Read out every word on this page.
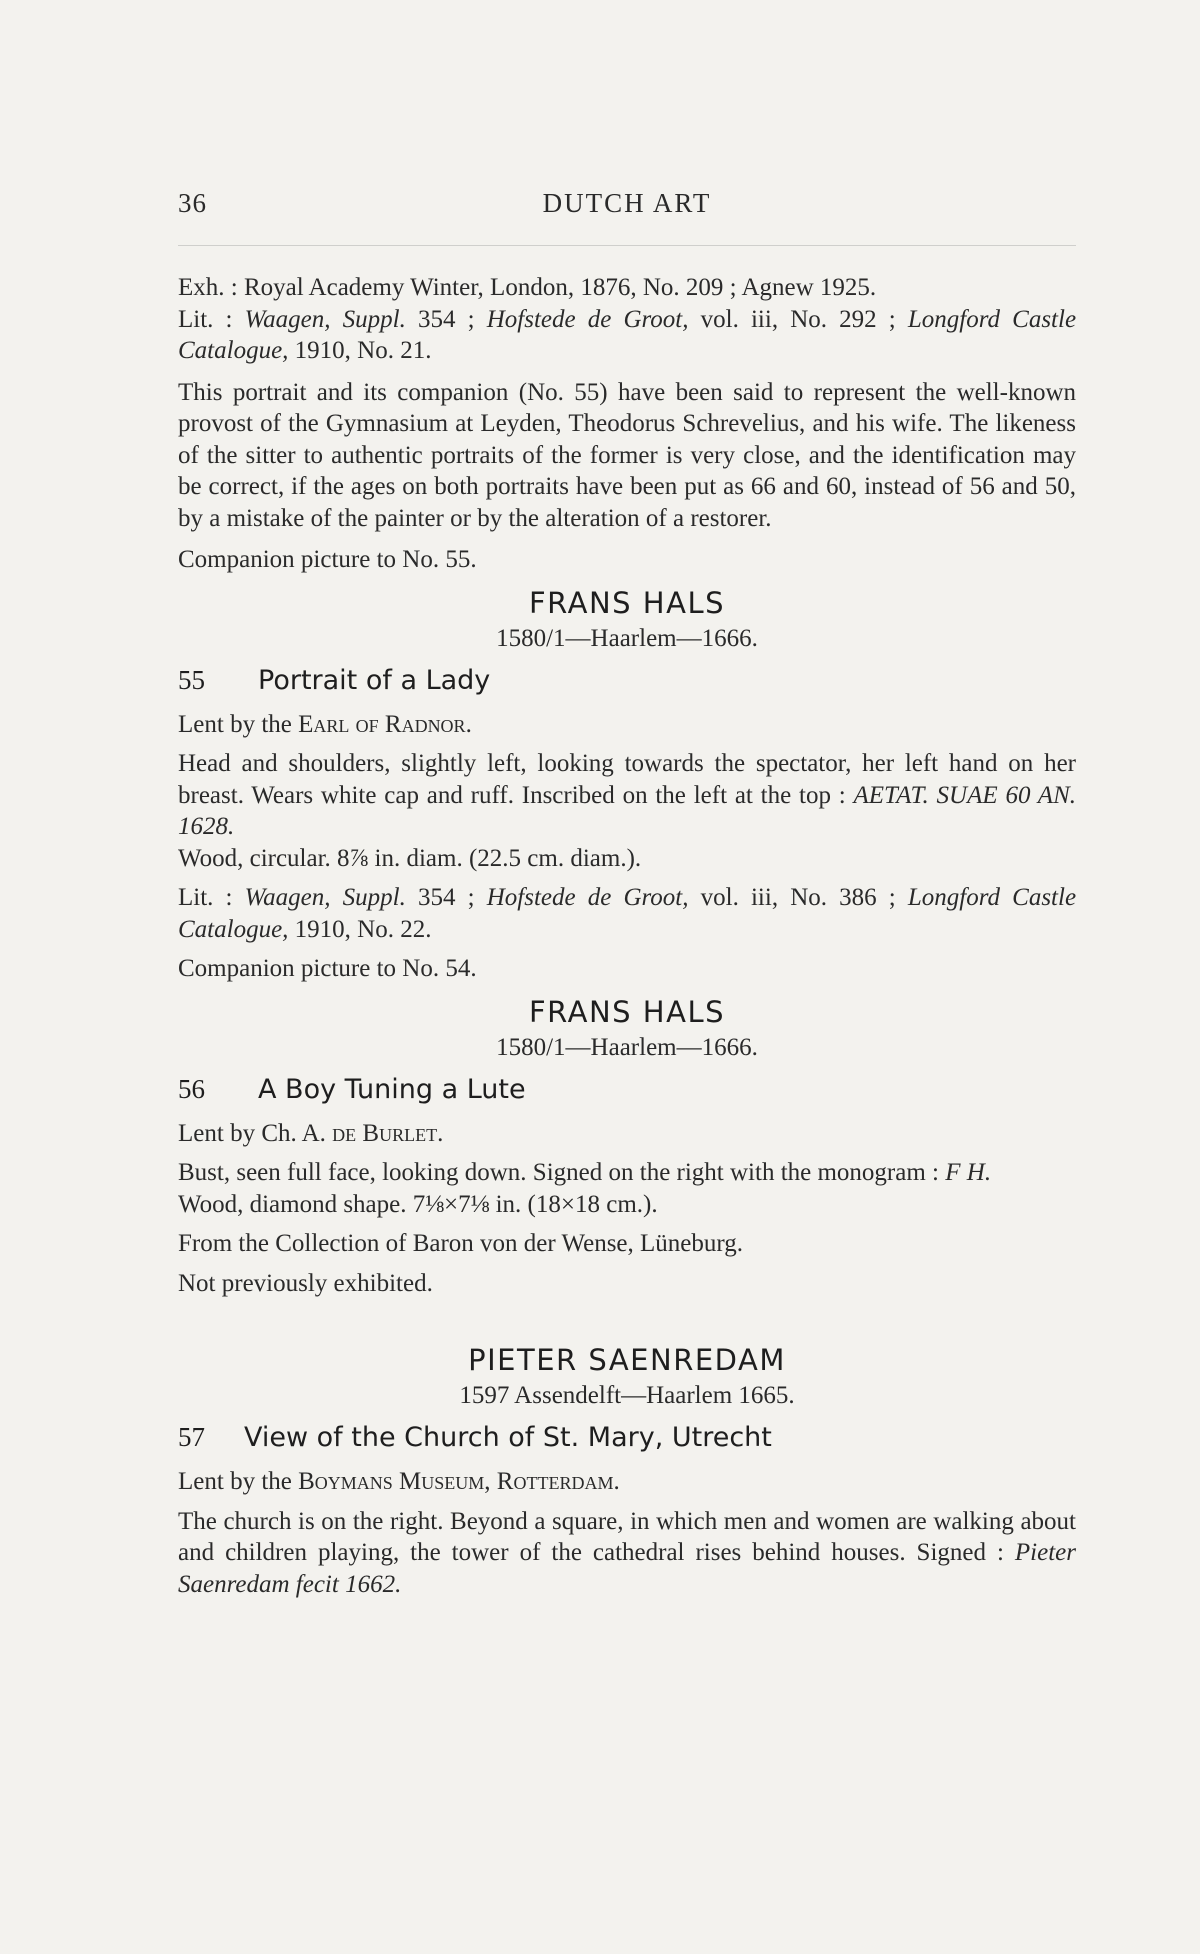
36	DUTCH ART

Exh. : Royal Academy Winter, London, 1876, No. 209 ; Agnew 1925.

Lit. : Waagen, Suppl. 354 ; Hofstede de Groot, vol. iii, No. 292 ; Longford Castle Catalogue, 1910, No. 21.

This portrait and its companion (No. 55) have been said to represent the well-known provost of the Gymnasium at Leyden, Theodorus Schrevelius, and his wife. The likeness of the sitter to authentic portraits of the former is very close, and the identification may be correct, if the ages on both portraits have been put as 66 and 60, instead of 56 and 50, by a mistake of the painter or by the alteration of a restorer.

Companion picture to No. 55.

FRANS HALS
1580/1—Haarlem—1666.
55 Portrait of a Lady

Lent by the Earl of Radnor.

Head and shoulders, slightly left, looking towards the spectator, her left hand on her breast. Wears white cap and ruff. Inscribed on the left at the top : AETAT. SUAE 60 AN. 1628.

Wood, circular. 8⅞ in. diam. (22.5 cm. diam.).

Lit. : Waagen, Suppl. 354 ; Hofstede de Groot, vol. iii, No. 386 ; Longford Castle Catalogue, 1910, No. 22.

Companion picture to No. 54.

FRANS HALS
1580/1—Haarlem—1666.
56 A Boy Tuning a Lute

Lent by Ch. A. de Burlet.

Bust, seen full face, looking down. Signed on the right with the monogram : F H.

Wood, diamond shape. 7⅛×7⅛ in. (18×18 cm.).

From the Collection of Baron von der Wense, Lüneburg.

Not previously exhibited.

PIETER SAENREDAM
1597 Assendelft—Haarlem 1665.
57 View of the Church of St. Mary, Utrecht

Lent by the Boymans Museum, Rotterdam.

The church is on the right. Beyond a square, in which men and women are walking about and children playing, the tower of the cathedral rises behind houses. Signed : Pieter Saenredam fecit 1662.
